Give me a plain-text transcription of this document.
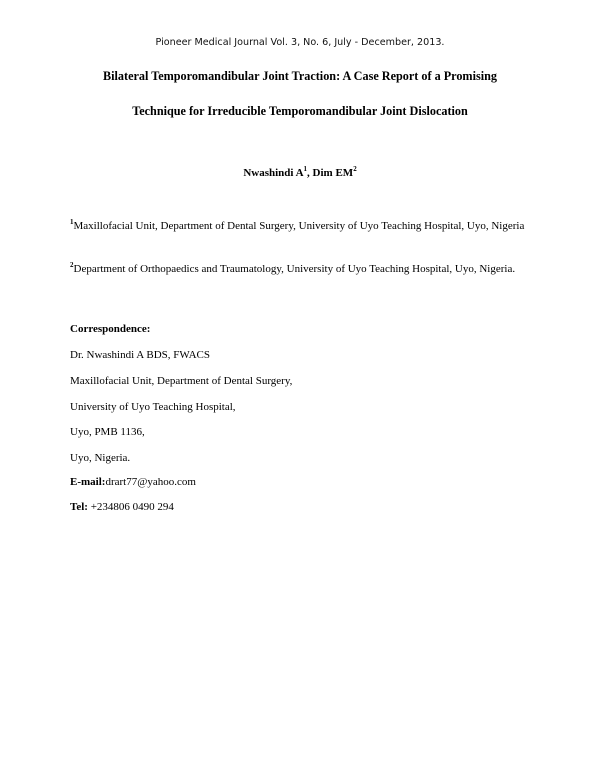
Pioneer Medical Journal Vol. 3, No. 6, July - December, 2013.
Bilateral Temporomandibular Joint Traction: A Case Report of a Promising
Technique for Irreducible Temporomandibular Joint Dislocation
Nwashindi $A^1$, Dim $EM^2$
$^1$Maxillofacial Unit, Department of Dental Surgery, University of Uyo Teaching Hospital, Uyo, Nigeria
$^2$Department of Orthopaedics and Traumatology, University of Uyo Teaching Hospital, Uyo, Nigeria.
Correspondence:
Dr. Nwashindi A BDS, FWACS
Maxillofacial Unit, Department of Dental Surgery,
University of Uyo Teaching Hospital,
Uyo, PMB 1136,
Uyo, Nigeria.
E-mail:drart77@yahoo.com
Tel: +234806 0490 294
